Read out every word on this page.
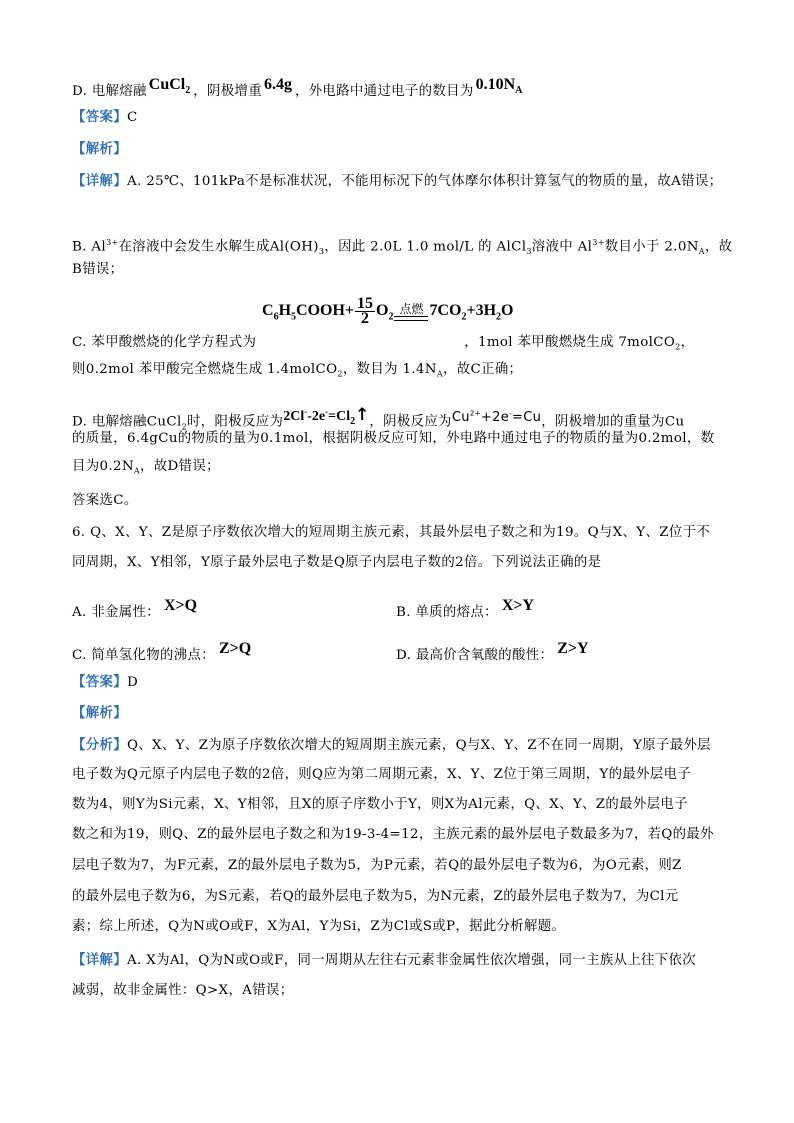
D. 电解熔融 CuCl$_2$ ，阴极增重 6.4g ，外电路中通过电子的数目为 $0.10N_A$
【答案】C
【解析】
【详解】A. 25℃、101kPa不是标准状况，不能用标况下的气体摩尔体积计算氢气的物质的量，故A错误；
B. $Al^{3+}$在溶液中会发生水解生成$Al(OH)_3$，因此 2.0L 1.0 mol/L 的 AlCl$_3$溶液中 $Al^{3+}$数目小于 $2.0N_A$，故
B错误；
$C_6H_5COOH+ \frac{15}{2} O_2$
点燃 $7CO_2+3H_2O$
C. 苯甲酸燃烧的化学方程式为	，1mol 苯甲酸燃烧生成 7molCO$_2$，
则0.2mol 苯甲酸完全燃烧生成 1.4molCO$_2$，数目为 $1.4N_A$，故C正确；
D. 电解熔融CuCl$_2$时，阳极反应为$2Cl^--2e^-=Cl_2↑$，阴极反应为$Cu^{2+}+2e^-=Cu$，阴极增加的重量为Cu
的质量，6.4gCu的物质的量为0.1mol，根据阴极反应可知，外电路中通过电子的物质的量为0.2mol，数
目为$0.2N_A$，故D错误；
答案选C。
6. Q、X、Y、Z是原子序数依次增大的短周期主族元素，其最外层电子数之和为19。Q与X、Y、Z位于不
同周期，X、Y相邻，Y原子最外层电子数是Q原子内层电子数的2倍。下列说法正确的是
A. 非金属性： X>Q	B. 单质的熔点： X>Y
C. 简单氢化物的沸点： Z>Q	D. 最高价含氧酸的酸性： Z>Y
【答案】D
【解析】
【分析】Q、X、Y、Z为原子序数依次增大的短周期主族元素，Q与X、Y、Z不在同一周期，Y原子最外层
电子数为Q元原子内层电子数的2倍，则Q应为第二周期元素，X、Y、Z位于第三周期，Y的最外层电子
数为4，则Y为Si元素，X、Y相邻，且X的原子序数小于Y，则X为Al元素，Q、X、Y、Z的最外层电子
数之和为19，则Q、Z的最外层电子数之和为19-3-4=12，主族元素的最外层电子数最多为7，若Q的最外
层电子数为7，为F元素，Z的最外层电子数为5，为P元素，若Q的最外层电子数为6，为O元素，则Z
的最外层电子数为6，为S元素，若Q的最外层电子数为5，为N元素，Z的最外层电子数为7，为Cl元
素；综上所述，Q为N或O或F，X为Al，Y为Si，Z为Cl或S或P，据此分析解题。
【详解】A. X为Al，Q为N或O或F，同一周期从左往右元素非金属性依次增强，同一主族从上往下依次
减弱，故非金属性：Q>X，A错误；
